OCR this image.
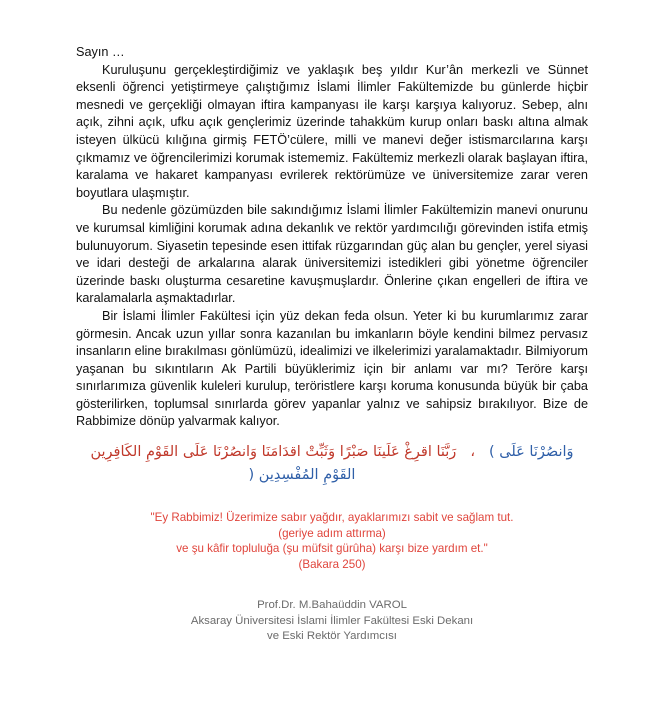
Sayın …

Kuruluşunu gerçekleştirdiğimiz ve yaklaşık beş yıldır Kur’ân merkezli ve Sünnet eksenli öğrenci yetiştirmeye çalıştığımız İslami İlimler Fakültemizde bu günlerde hiçbir mesnedi ve gerçekliği olmayan iftira kampanyası ile karşı karşıya kalıyoruz. Sebep, alnı açık, zihni açık, ufku açık gençlerimiz üzerinde tahakküm kurup onları baskı altına almak isteyen ülkücü kılığına girmiş FETÖ’cülere, milli ve manevi değer istismarcılarına karşı çıkmamız ve öğrencilerimizi korumak istememiz. Fakültemiz merkezli olarak başlayan iftira, karalama ve hakaret kampanyası evrilerek rektörümüze ve üniversitemize zarar veren boyutlara ulaşmıştır.

Bu nedenle gözümüzden bile sakındığımız İslami İlimler Fakültemizin manevi onurunu ve kurumsal kimliğini korumak adına dekanlık ve rektör yardımcılığı görevinden istifa etmiş bulunuyorum. Siyasetin tepesinde esen ittifak rüzgarından güç alan bu gençler, yerel siyasi ve idari desteği de arkalarına alarak üniversitemizi istedikleri gibi yönetme öğrenciler üzerinde baskı oluşturma cesaretine kavuşmuşlardır. Önlerine çıkan engelleri de iftira ve karalamalarla aşmaktadırlar.

Bir İslami İlimler Fakültesi için yüz dekan feda olsun. Yeter ki bu kurumlarımız zarar görmesin. Ancak uzun yıllar sonra kazanılan bu imkanların böyle kendini bilmez pervasız insanların eline bırakılması gönlümüzü, idealimizi ve ilkelerimizi yaralamaktadır. Bilmiyorum yaşanan bu sıkıntıların Ak Partili büyüklerimiz için bir anlamı var mı? Teröre karşı sınırlarımıza güvenlik kuleleri kurulup, teröristlere karşı koruma konusunda büyük bir çaba gösterilirken, toplumsal sınırlarda görev yapanlar yalnız ve sahipsiz bırakılıyor. Bize de Rabbimize dönüp yalvarmak kalıyor.

وَانصُرْنَا عَلَى )،رَبَّنَا اقرِغْ عَلَينَا صَبْرًا وَثَبِّتْ اقدَامَنَا وَانصُرْنَا عَلَى القَوْمِ الكَافِرِين
القَوْمِ المُفْسِدِين (
"Ey Rabbimiz! Üzerimize sabır yağdır, ayaklarımızı sabit ve sağlam tut.
(geriye adım attırma)
ve şu kâfir topluluğa (şu müfsit gürûha) karşı bize yardım et."
(Bakara 250)
Prof.Dr. M.Bahaüddin VAROL
Aksaray Üniversitesi İslami İlimler Fakültesi Eski Dekanı
ve Eski Rektör Yardımcısı
